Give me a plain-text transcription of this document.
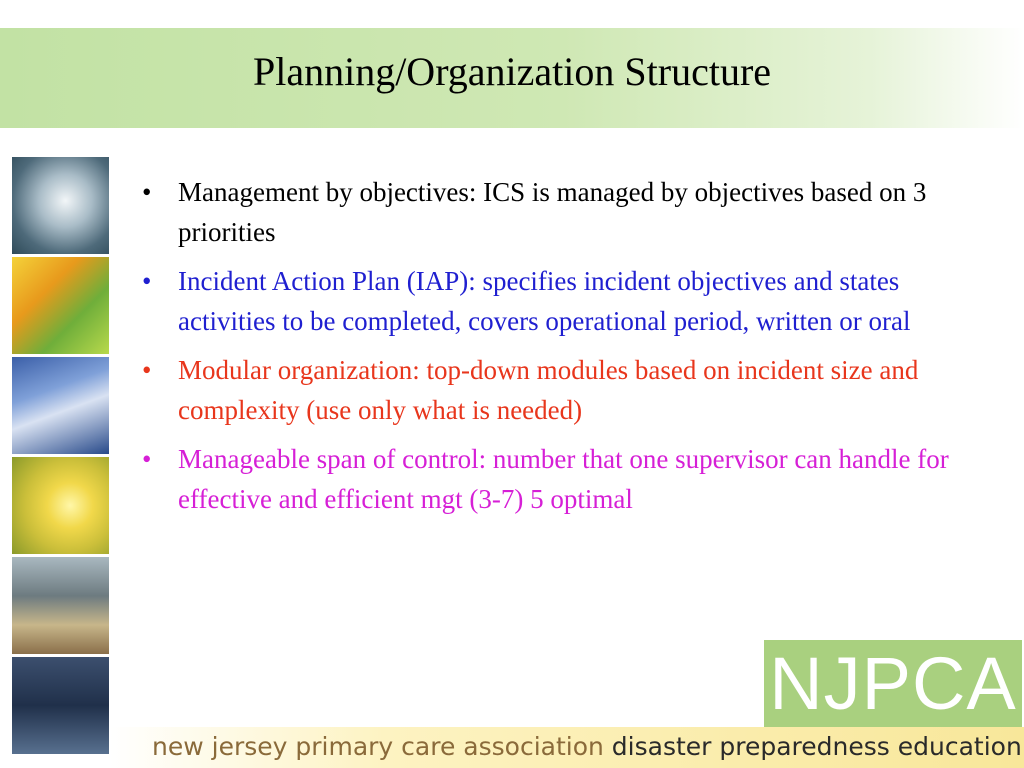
Planning/Organization Structure
• Management by objectives: ICS is managed by objectives based on 3 priorities
• Incident Action Plan (IAP): specifies incident objectives and states activities to be completed, covers operational period, written or oral
• Modular organization: top-down modules based on incident size and complexity (use only what is needed)
• Manageable span of control: number that one supervisor can handle for effective and efficient mgt (3-7) 5 optimal
NJPCA
new jersey primary care association disaster preparedness education
